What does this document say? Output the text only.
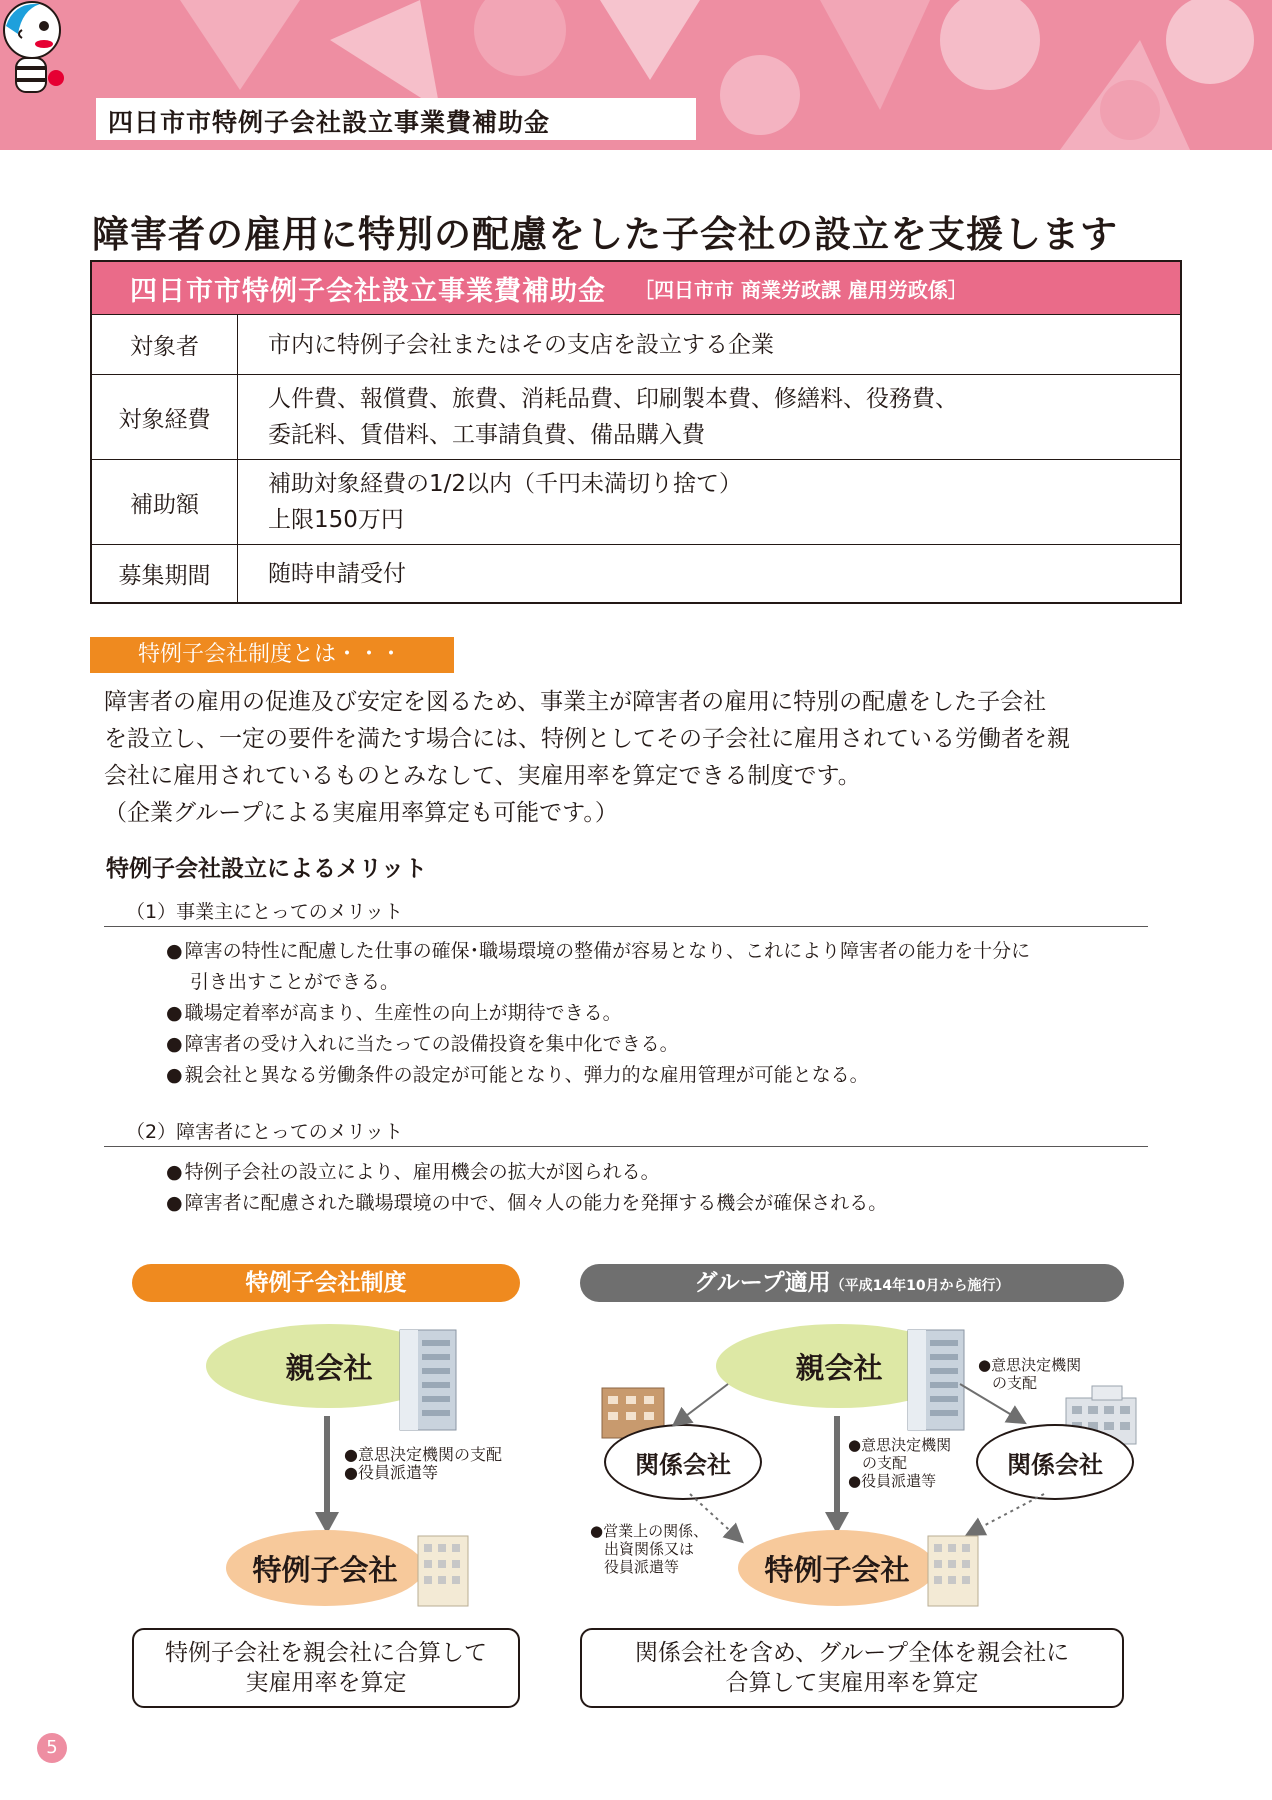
四日市市特例子会社設立事業費補助金
障害者の雇用に特別の配慮をした子会社の設立を支援します
四日市市特例子会社設立事業費補助金 ［四日市市 商業労政課 雇用労政係］
対象者	市内に特例子会社またはその支店を設立する企業
対象経費
人件費、報償費、旅費、消耗品費、印刷製本費、修繕料、役務費、
委託料、賃借料、工事請負費、備品購入費
補助額
補助対象経費の1/2以内（千円未満切り捨て）
上限150万円
募集期間	随時申請受付
特例子会社制度とは・・・
障害者の雇用の促進及び安定を図るため、事業主が障害者の雇用に特別の配慮をした子会社
を設立し、一定の要件を満たす場合には、特例としてその子会社に雇用されている労働者を親
会社に雇用されているものとみなして、実雇用率を算定できる制度です。
（企業グループによる実雇用率算定も可能です。）
特例子会社設立によるメリット
（1）事業主にとってのメリット
● 障害の特性に配慮した仕事の確保･職場環境の整備が容易となり、これにより障害者の能力を十分に
引き出すことができる。
● 職場定着率が高まり、生産性の向上が期待できる。
● 障害者の受け入れに当たっての設備投資を集中化できる。
● 親会社と異なる労働条件の設定が可能となり、弾力的な雇用管理が可能となる。
（2）障害者にとってのメリット
● 特例子会社の設立により、雇用機会の拡大が図られる。
● 障害者に配慮された職場環境の中で、個々人の能力を発揮する機会が確保される。
特例子会社制度
親会社
● 意思決定機関の支配
● 役員派遣等
特例子会社
特例子会社を親会社に合算して
実雇用率を算定
グループ適用（平成14年10月から施行）
親会社
●	意思決定機関
の支配
関係会社	関係会社
● 意思決定機関
の支配
● 役員派遣等
● 営業上の関係、
出資関係又は
役員派遣等	特例子会社
関係会社を含め、グループ全体を親会社に
合算して実雇用率を算定
5
